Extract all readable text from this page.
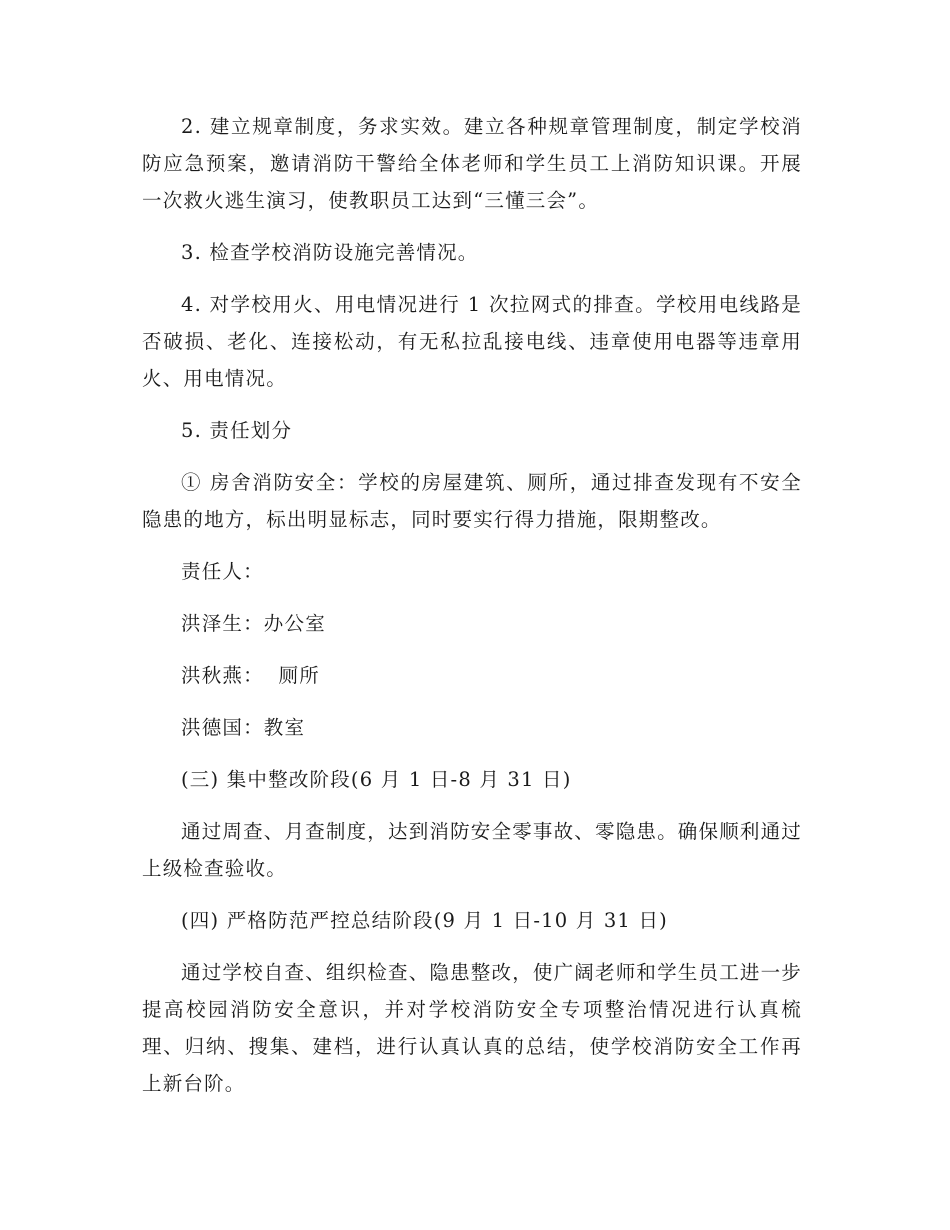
2. 建立规章制度，务求实效。建立各种规章管理制度，制定学校消防应急预案，邀请消防干警给全体老师和学生员工上消防知识课。开展一次救火逃生演习，使教职员工达到“三懂三会”。

3. 检查学校消防设施完善情况。

4. 对学校用火、用电情况进行 1 次拉网式的排查。学校用电线路是否破损、老化、连接松动，有无私拉乱接电线、违章使用电器等违章用火、用电情况。

5. 责任划分

① 房舍消防安全：学校的房屋建筑、厕所，通过排查发现有不安全隐患的地方，标出明显标志，同时要实行得力措施，限期整改。

责任人：

洪泽生：办公室

洪秋燕：  厕所

洪德国：教室

(三) 集中整改阶段(6 月 1 日-8 月 31 日)

通过周查、月查制度，达到消防安全零事故、零隐患。确保顺利通过上级检查验收。

(四) 严格防范严控总结阶段(9 月 1 日-10 月 31 日)

通过学校自查、组织检查、隐患整改，使广阔老师和学生员工进一步提高校园消防安全意识，并对学校消防安全专项整治情况进行认真梳理、归纳、搜集、建档，进行认真认真的总结，使学校消防安全工作再上新台阶。
